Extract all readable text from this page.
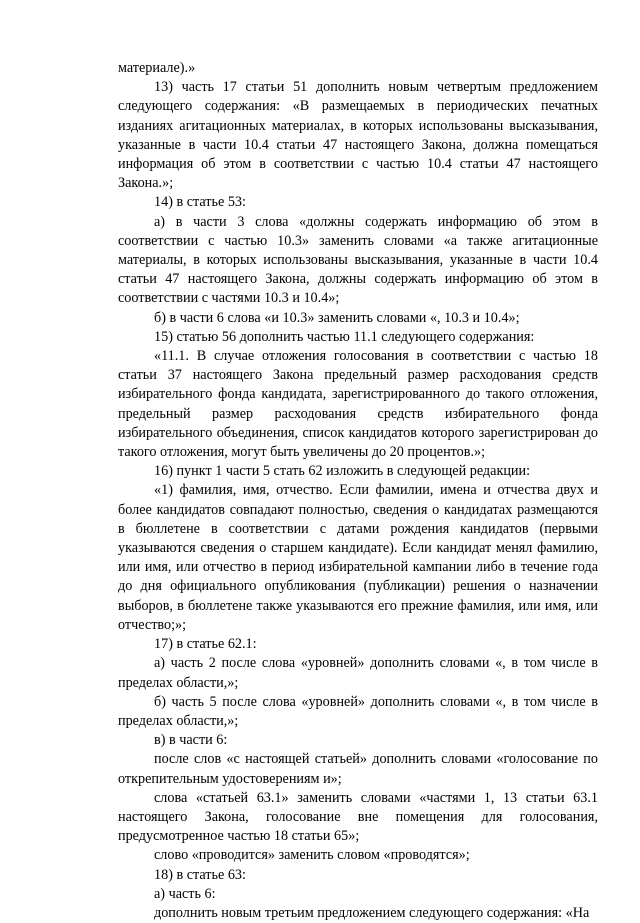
материале).»

13) часть 17 статьи 51 дополнить новым четвертым предложением следующего содержания: «В размещаемых в периодических печатных изданиях агитационных материалах, в которых использованы высказывания, указанные в части 10.4 статьи 47 настоящего Закона, должна помещаться информация об этом в соответствии с частью 10.4 статьи 47 настоящего Закона.»;

14) в статье 53:

а) в части 3 слова «должны содержать информацию об этом в соответствии с частью 10.3» заменить словами «а также агитационные материалы, в которых использованы высказывания, указанные в части 10.4 статьи 47 настоящего Закона, должны содержать информацию об этом в соответствии с частями 10.3 и 10.4»;

б) в части 6 слова «и 10.3» заменить словами «, 10.3 и 10.4»;

15) статью 56 дополнить частью 11.1 следующего содержания:

«11.1. В случае отложения голосования в соответствии с частью 18 статьи 37 настоящего Закона предельный размер расходования средств избирательного фонда кандидата, зарегистрированного до такого отложения, предельный размер расходования средств избирательного фонда избирательного объединения, список кандидатов которого зарегистрирован до такого отложения, могут быть увеличены до 20 процентов.»;

16) пункт 1 части 5 стать 62 изложить в следующей редакции:

«1) фамилия, имя, отчество. Если фамилии, имена и отчества двух и более кандидатов совпадают полностью, сведения о кандидатах размещаются в бюллетене в соответствии с датами рождения кандидатов (первыми указываются сведения о старшем кандидате). Если кандидат менял фамилию, или имя, или отчество в период избирательной кампании либо в течение года до дня официального опубликования (публикации) решения о назначении выборов, в бюллетене также указываются его прежние фамилия, или имя, или отчество;»;

17) в статье 62.1:

а) часть 2 после слова «уровней» дополнить словами «, в том числе в пределах области,»;

б) часть 5 после слова «уровней» дополнить словами «, в том числе в пределах области,»;

в) в части 6:

после слов «с настоящей статьей» дополнить словами «голосование по открепительным удостоверениям и»;

слова «статьей 63.1» заменить словами «частями 1, 13 статьи 63.1 настоящего Закона, голосование вне помещения для голосования, предусмотренное частью 18 статьи 65»;

слово «проводится» заменить словом «проводятся»;

18) в статье 63:

а) часть 6:

дополнить новым третьим предложением следующего содержания: «На
